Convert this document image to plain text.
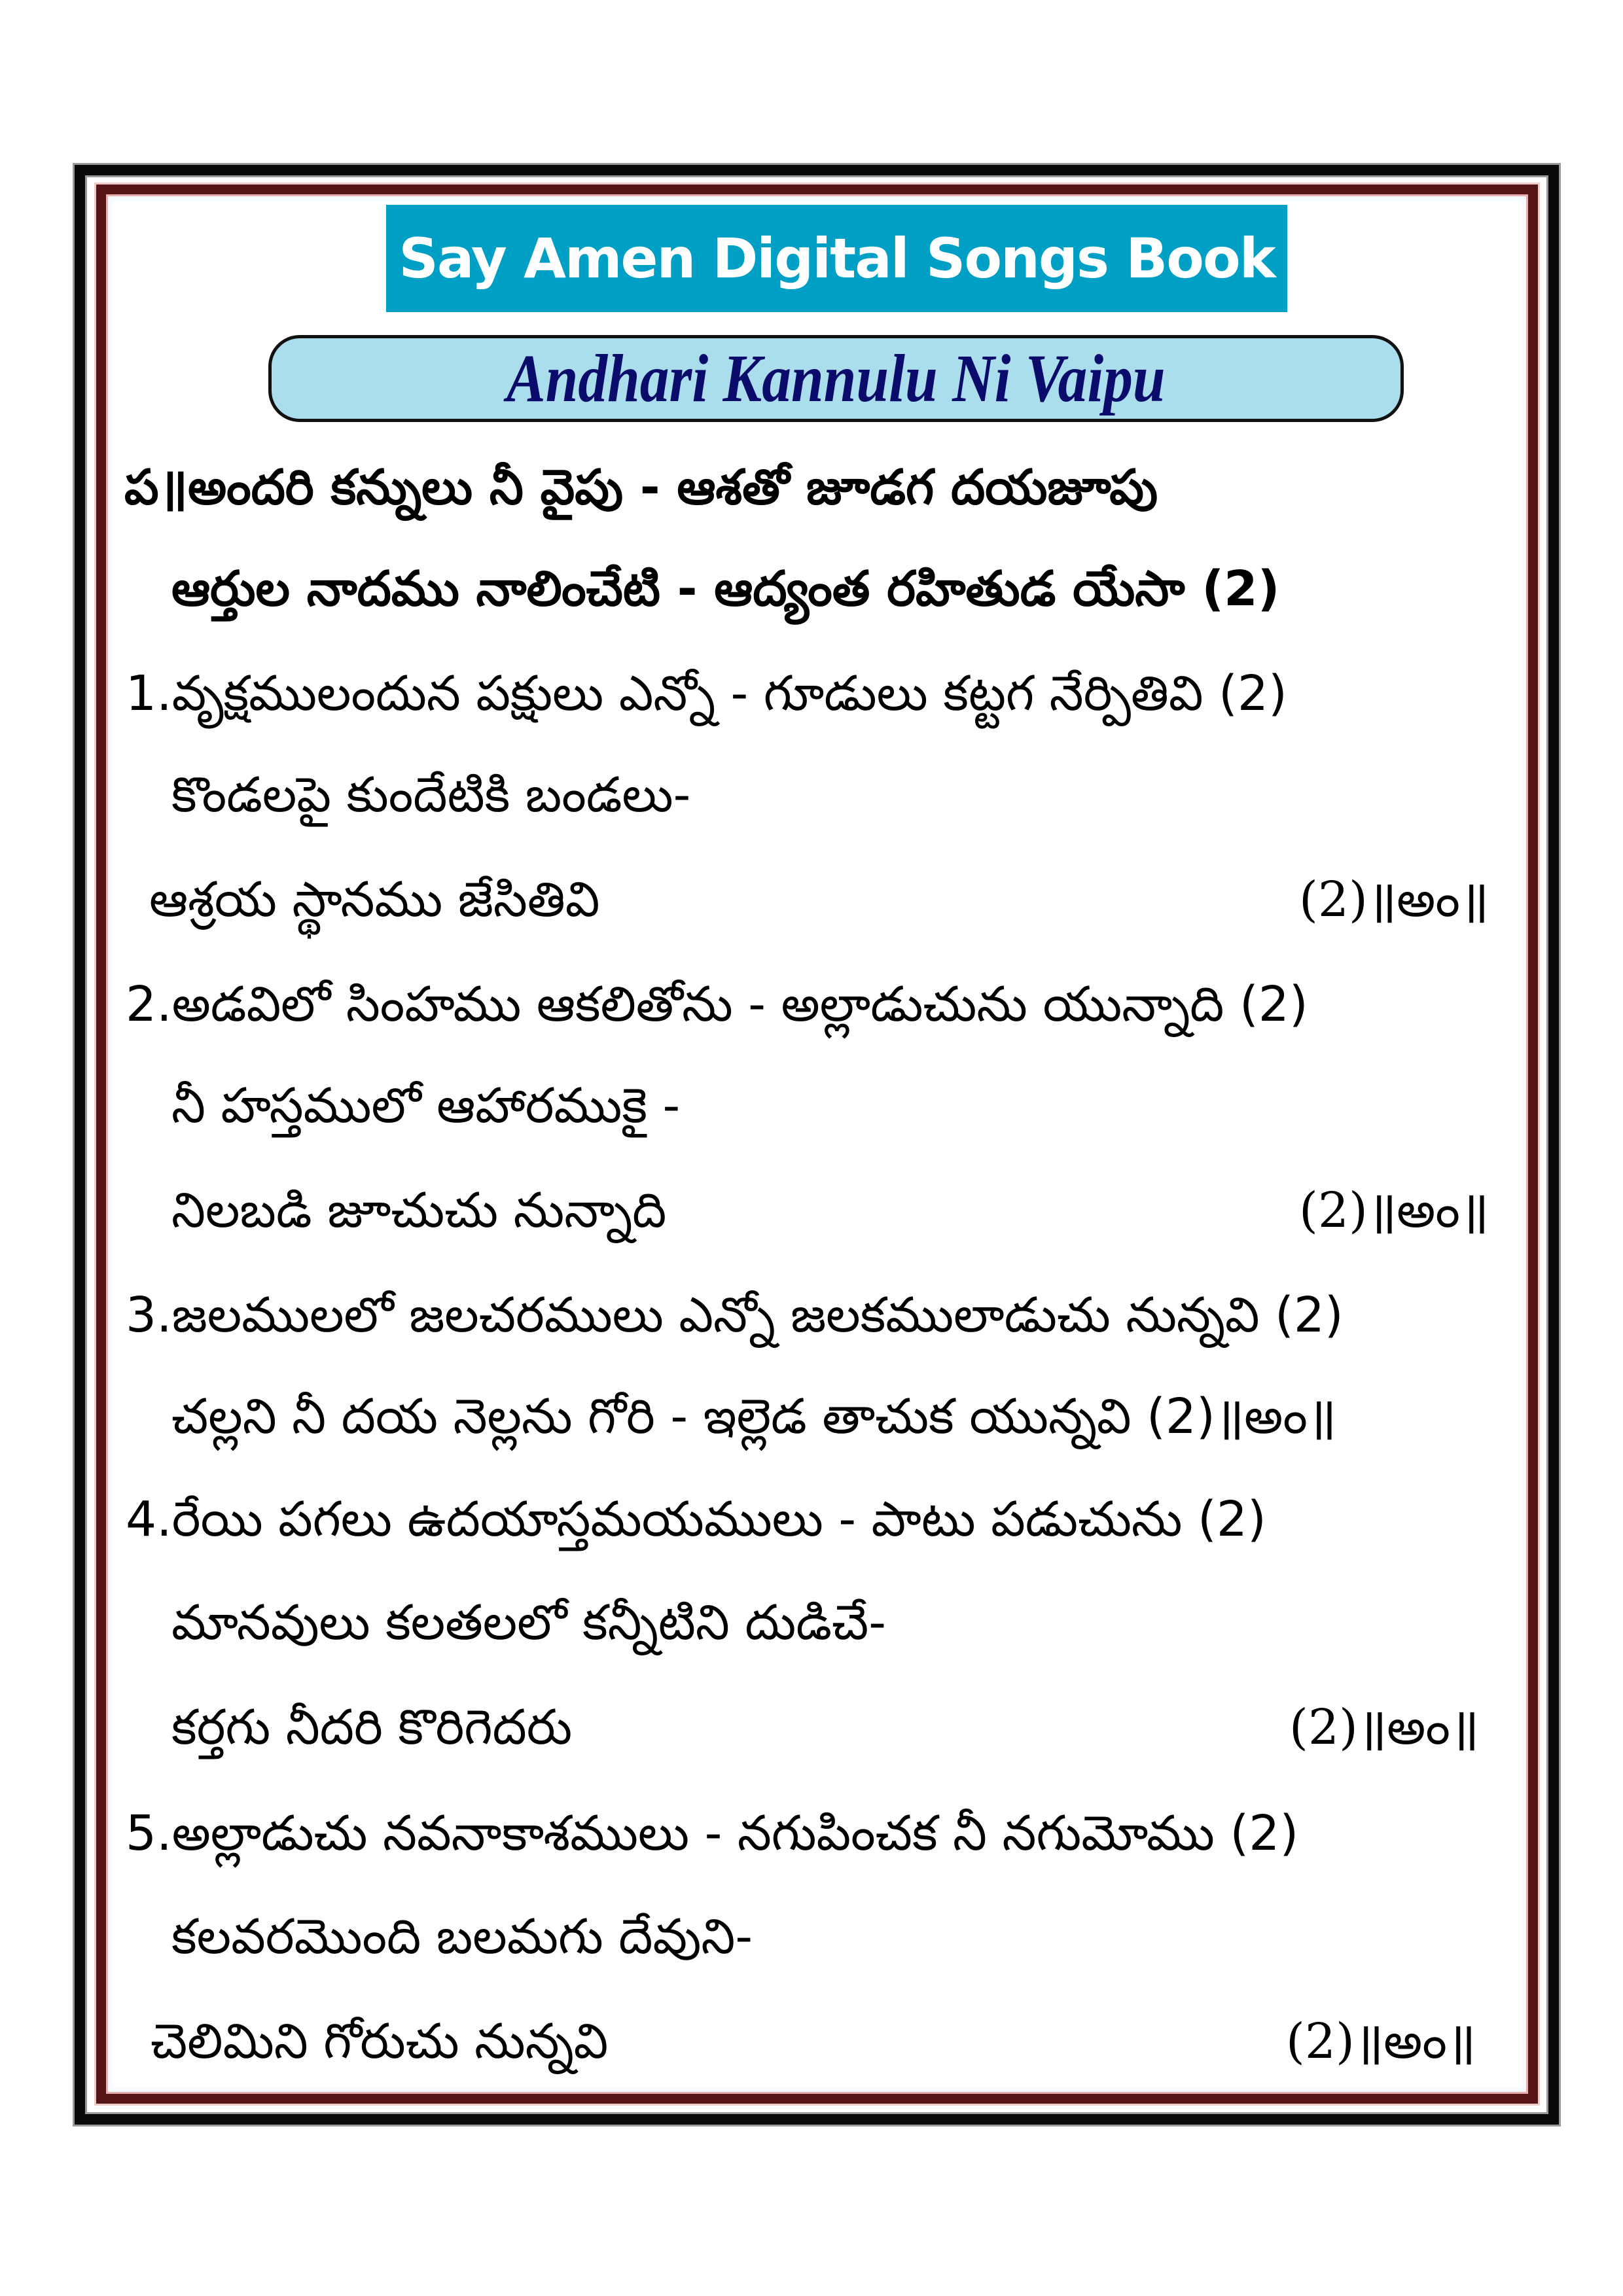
Say Amen Digital Songs Book
Andhari Kannulu Ni Vaipu
ప॥అందరి కన్నులు నీ వైపు - ఆశతో జూడగ దయజూపు
ఆర్తుల నాదము నాలించేటి - ఆద్యంత రహితుడ యేసా (2)
1.వృక్షములందున పక్షులు ఎన్నో - గూడులు కట్టగ నేర్పితివి (2)
కొండలపై కుందేటికి బండలు-
ఆశ్రయ స్థానము జేసితివి	(2)॥అం॥
2.అడవిలో సింహము ఆకలితోను - అల్లాడుచును యున్నాది (2)
నీ హస్తములో ఆహారముకై -
నిలబడి జూచుచు నున్నాది	(2)॥అం॥
3.జలములలో జలచరములు ఎన్నో జలకములాడుచు నున్నవి (2)
చల్లని నీ దయ నెల్లను గోరి - ఇల్లెడ తాచుక యున్నవి (2)॥అం॥
4.రేయి పగలు ఉదయాస్తమయములు - పాటు పడుచును (2)
మానవులు కలతలలో కన్నీటిని దుడిచే-
కర్తగు నీదరి కొరిగెదరు	(2)॥అం॥
5.అల్లాడుచు నవనాకాశములు - నగుపించక నీ నగుమోము (2)
కలవరమొంది బలమగు దేవుని-
చెలిమిని గోరుచు నున్నవి	(2)॥అం॥
